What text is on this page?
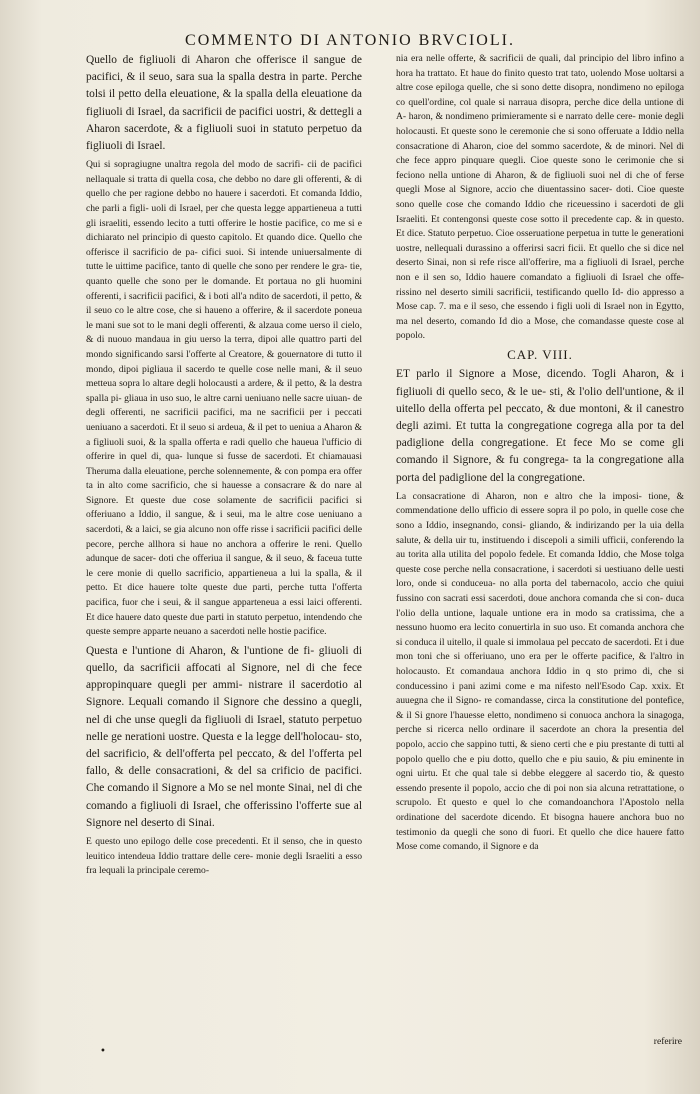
COMMENTO DI ANTONIO BRVCIOLI.

Quello de figliuoli di Aharon che offerisce il sangue de pacifici, & il seuo, sara sua la spalla destra in parte. Perche tolsi il petto della eleuatione, & la spalla della eleuatione da figliuoli di Israel, da sacrificii de pacifici uostri, & dettegli a Aharon sacerdote, & a figliuoli suoi in statuto perpetuo da figliuoli di Israel.

Qui si sopragiugne unaltra regola del modo de sacrifi- cii de pacifici nellaquale si tratta di quella cosa, che debbo no dare gli offerenti, & di quello che per ragione debbo no hauere i sacerdoti. Et comanda Iddio, che parli a figli- uoli di Israel, per che questa legge appartieneua a tutti gli israeliti, essendo lecito a tutti offerire le hostie pacifice, co me si e dichiarato nel principio di questo capitolo. Et quando dice. Quello che offerisce il sacrificio de pa- cifici suoi. Si intende uniuersalmente di tutte le uittime pacifice, tanto di quelle che sono per rendere le gra- tie, quanto quelle che sono per le domande. Et portaua no gli huomini offerenti, i sacrificii pacifici, & i boti all'a ndito de sacerdoti, il petto, & il seuo co le altre cose, che si haueno a offerire, & il sacerdote poneua le mani sue sot to le mani degli offerenti, & alzaua come uerso il cielo, & di nuouo mandaua in giu uerso la terra, dipoi alle quattro parti del mondo significando sarsi l'offerte al Creatore, & gouernatore di tutto il mondo, dipoi pigliaua il sacerdo te quelle cose nelle mani, & il seuo metteua sopra lo altare degli holocausti a ardere, & il petto, & la destra spalla pi- gliaua in uso suo, le altre carni ueniuano nelle sacre uiuan- de degli offerenti, ne sacrificii pacifici, ma ne sacrificii per i peccati ueniuano a sacerdoti. Et il seuo si ardeua, & il pet to ueniua a Aharon & a figliuoli suoi, & la spalla offerta e radi quello che haueua l'ufficio di offerire in quel di, qua- lunque si fusse de sacerdoti. Et chiamauasi Theruma dalla eleuatione, perche solennemente, & con pompa era offer ta in alto come sacrificio, che si hauesse a consacrare & do nare al Signore. Et queste due cose solamente de sacrificii pacifici si offeriuano a Iddio, il sangue, & i seui, ma le altre cose ueniuano a sacerdoti, & a laici, se gia alcuno non offe risse i sacrificii pacifici delle pecore, perche allhora si haue no anchora a offerire le reni. Quello adunque de sacer- doti che offeriua il sangue, & il seuo, & faceua tutte le cere monie di quello sacrificio, appartieneua a lui la spalla, & il petto. Et dice hauere tolte queste due parti, perche tutta l'offerta pacifica, fuor che i seui, & il sangue apparteneua a essi laici offerenti. Et dice hauere dato queste due parti in statuto perpetuo, intendendo che queste sempre apparte neuano a sacerdoti nelle hostie pacifice.

Questa e l'untione di Aharon, & l'untione de fi- gliuoli di quello, da sacrificii affocati al Signore, nel di che fece appropinquare quegli per ammi- nistrare il sacerdotio al Signore. Lequali comando il Signore che dessino a quegli, nel di che unse quegli da figliuoli di Israel, statuto perpetuo nelle ge nerationi uostre. Questa e la legge dell'holocau- sto, del sacrificio, & dell'offerta pel peccato, & del l'offerta pel fallo, & delle consacrationi, & del sa crificio de pacifici. Che comando il Signore a Mo se nel monte Sinai, nel di che comando a figliuoli di Israel, che offerissino l'offerte sue al Signore nel deserto di Sinai.

E questo uno epilogo delle cose precedenti. Et il senso, che in questo leuitico intendeua Iddio trattare delle cere- monie degli Israeliti a esso fra lequali la principale ceremo-

nia era nelle offerte, & sacrificii de quali, dal principio del libro infino a hora ha trattato. Et haue do finito questo trat tato, uolendo Mose uoltarsi a altre cose epiloga quelle, che si sono dette disopra, nondimeno no epiloga co quell'ordine, col quale si narraua disopra, perche dice della untione di A- haron, & nondimeno primieramente si e narrato delle cere- monie degli holocausti. Et queste sono le ceremonie che si sono offeruate a Iddio nella consacratione di Aharon, cioe del sommo sacerdote, & de minori. Nel di che fece appro pinquare quegli. Cioe queste sono le cerimonie che si feciono nella untione di Aharon, & de figliuoli suoi nel di che of ferse quegli Mose al Signore, accio che diuentassino sacer- doti. Cioe queste sono quelle cose che comando Iddio che riceuessino i sacerdoti de gli Israeliti. Et contengonsi queste cose sotto il precedente cap. & in questo. Et dice. Statuto perpetuo. Cioe osseruatione perpetua in tutte le generationi uostre, nellequali durassino a offerirsi sacri ficii. Et quello che si dice nel deserto Sinai, non si refe risce all'offerire, ma a figliuoli di Israel, perche non e il sen so, Iddio hauere comandato a figliuoli di Israel che offe- rissino nel deserto simili sacrificii, testificando quello Id- dio appresso a Mose cap. 7. ma e il seso, che essendo i figli uoli di Israel non in Egytto, ma nel deserto, comando Id dio a Mose, che comandasse queste cose al popolo.

CAP. VIII.

ET parlo il Signore a Mose, dicendo. Togli Aharon, & i figliuoli di quello seco, & le ue- sti, & l'olio dell'untione, & il uitello della offerta pel peccato, & due montoni, & il canestro degli azimi. Et tutta la congregatione cogrega alla por ta del padiglione della congregatione. Et fece Mo se come gli comando il Signore, & fu congrega- ta la congregatione alla porta del padiglione del la congregatione.

La consacratione di Aharon, non e altro che la imposi- tione, & commendatione dello ufficio di essere sopra il po polo, in quelle cose che sono a Iddio, insegnando, consi- gliando, & indirizando per la uia della salute, & della uir tu, instituendo i discepoli a simili ufficii, conferendo la au torita alla utilita del popolo fedele. Et comanda Iddio, che Mose tolga queste cose perche nella consacratione, i sacerdoti si uestiuano delle uesti loro, onde si conduceua- no alla porta del tabernacolo, accio che quiui fussino con sacrati essi sacerdoti, doue anchora comanda che si con- duca l'olio della untione, laquale untione era in modo sa cratissima, che a nessuno huomo era lecito conuertirla in suo uso. Et comanda anchora che si conduca il uitello, il quale si immolaua pel peccato de sacerdoti. Et i due mon toni che si offeriuano, uno era per le offerte pacifice, & l'altro in holocausto. Et comandaua anchora Iddio in q sto primo di, che si conducessino i pani azimi come e ma nifesto nell'Esodo Cap. xxix. Et auuegna che il Signo- re comandasse, circa la constitutione del pontefice, & il Si gnore l'hauesse eletto, nondimeno si conuoca anchora la sinagoga, perche si ricerca nello ordinare il sacerdote an chora la presentia del popolo, accio che sappino tutti, & sieno certi che e piu prestante di tutti al popolo quello che e piu dotto, quello che e piu sauio, & piu eminente in ogni uirtu. Et che qual tale si debbe eleggere al sacerdo tio, & questo essendo presente il popolo, accio che di poi non sia alcuna retrattatione, o scrupolo. Et questo e quel lo che comandoanchora l'Apostolo nella ordinatione del sacerdote dicendo. Et bisogna hauere anchora buo no testimonio da quegli che sono di fuori. Et quello che dice hauere fatto Mose come comando, il Signore e da

•
referire
